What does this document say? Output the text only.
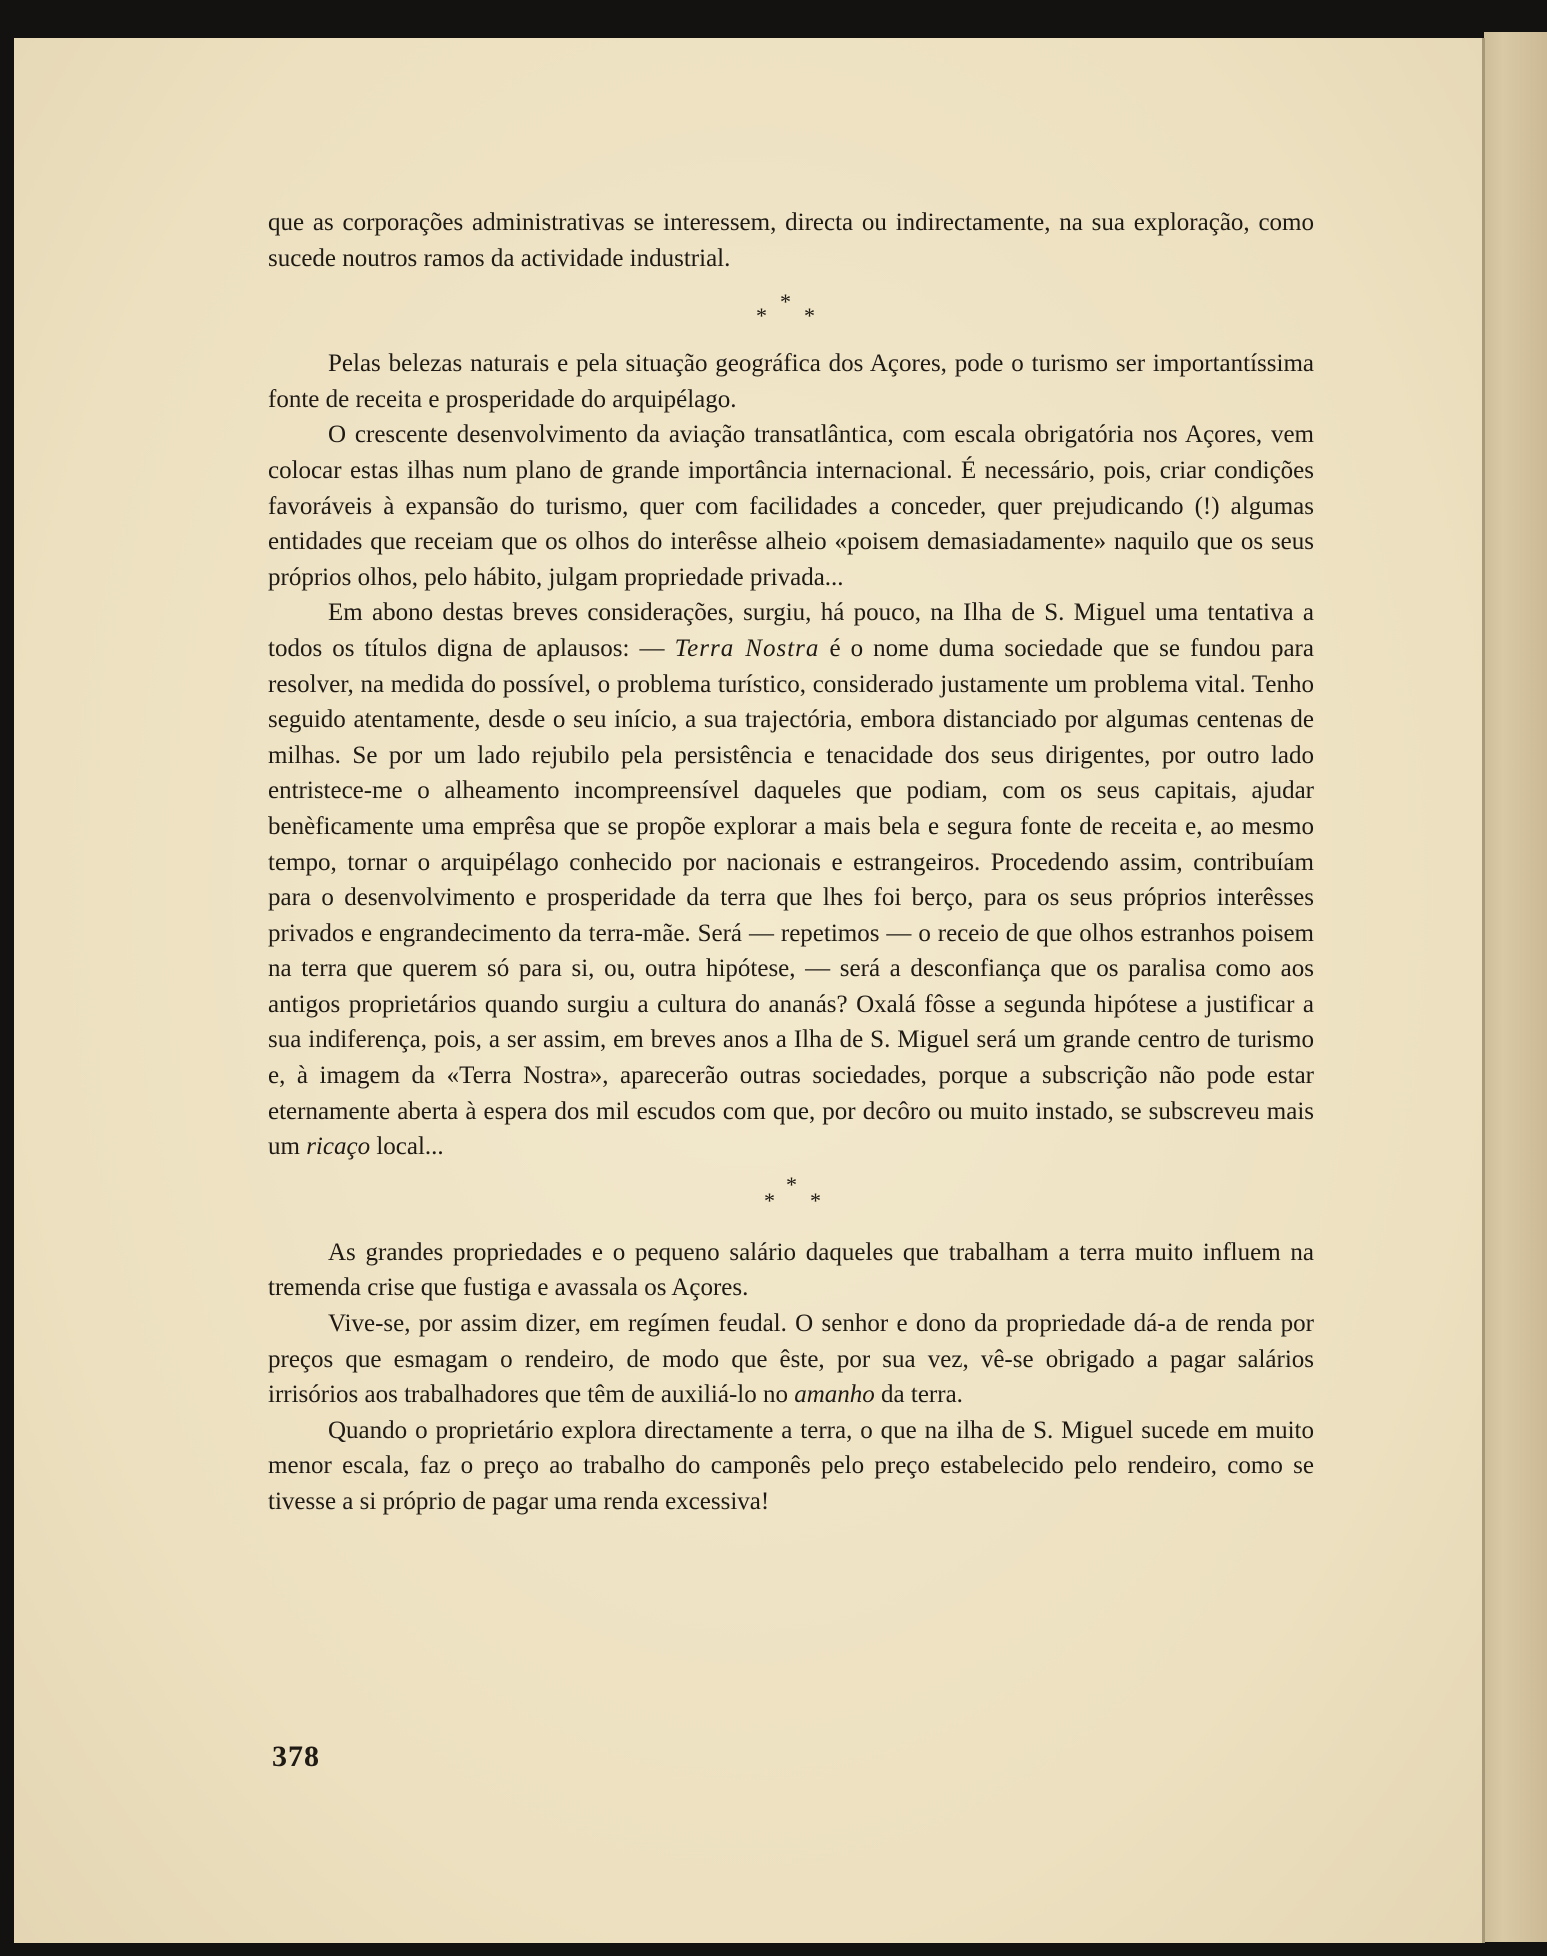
que as corporações administrativas se interessem, directa ou indirectamente, na sua exploração, como sucede noutros ramos da actividade industrial.

*
* *

Pelas belezas naturais e pela situação geográfica dos Açores, pode o turismo ser importantíssima fonte de receita e prosperidade do arquipélago.

O crescente desenvolvimento da aviação transatlântica, com escala obrigatória nos Açores, vem colocar estas ilhas num plano de grande importância internacional. É necessário, pois, criar condições favoráveis à expansão do turismo, quer com facilidades a conceder, quer prejudicando (!) algumas entidades que receiam que os olhos do interêsse alheio «poisem demasiadamente» naquilo que os seus próprios olhos, pelo hábito, julgam propriedade privada...

Em abono destas breves considerações, surgiu, há pouco, na Ilha de S. Miguel uma tentativa a todos os títulos digna de aplausos: — Terra Nostra é o nome duma sociedade que se fundou para resolver, na medida do possível, o problema turístico, considerado justamente um problema vital. Tenho seguido atentamente, desde o seu início, a sua trajectória, embora distanciado por algumas centenas de milhas. Se por um lado rejubilo pela persistência e tenacidade dos seus dirigentes, por outro lado entristece-me o alheamento incompreensível daqueles que podiam, com os seus capitais, ajudar benèficamente uma emprêsa que se propõe explorar a mais bela e segura fonte de receita e, ao mesmo tempo, tornar o arquipélago conhecido por nacionais e estrangeiros. Procedendo assim, contribuíam para o desenvolvimento e prosperidade da terra que lhes foi berço, para os seus próprios interêsses privados e engrandecimento da terra-mãe. Será — repetimos — o receio de que olhos estranhos poisem na terra que querem só para si, ou, outra hipótese, — será a desconfiança que os paralisa como aos antigos proprietários quando surgiu a cultura do ananás? Oxalá fôsse a segunda hipótese a justificar a sua indiferença, pois, a ser assim, em breves anos a Ilha de S. Miguel será um grande centro de turismo e, à imagem da «Terra Nostra», aparecerão outras sociedades, porque a subscrição não pode estar eternamente aberta à espera dos mil escudos com que, por decôro ou muito instado, se subscreveu mais um ricaço local...

*
* *

As grandes propriedades e o pequeno salário daqueles que trabalham a terra muito influem na tremenda crise que fustiga e avassala os Açores.

Vive-se, por assim dizer, em regímen feudal. O senhor e dono da propriedade dá-a de renda por preços que esmagam o rendeiro, de modo que êste, por sua vez, vê-se obrigado a pagar salários irrisórios aos trabalhadores que têm de auxiliá-lo no amanho da terra.

Quando o proprietário explora directamente a terra, o que na ilha de S. Miguel sucede em muito menor escala, faz o preço ao trabalho do camponês pelo preço estabelecido pelo rendeiro, como se tivesse a si próprio de pagar uma renda excessiva!

378
